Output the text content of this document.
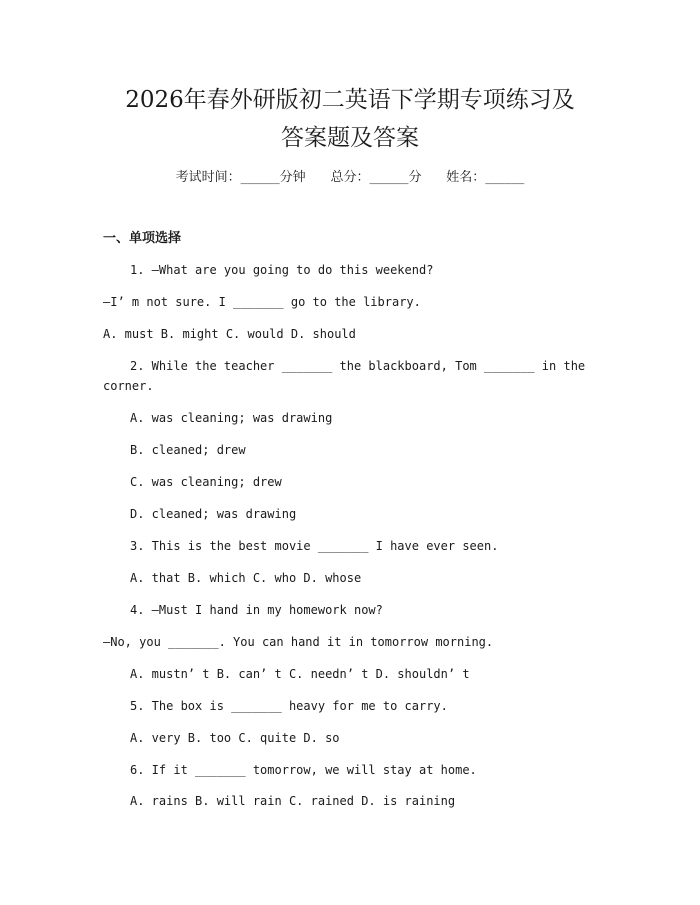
2026年春外研版初二英语下学期专项练习及
答案题及答案
考试时间：______分钟 总分：______分 姓名：______
一、单项选择
1. —What are you going to do this weekend?
—I’ m not sure. I _______ go to the library.
A. must B. might C. would D. should
2. While the teacher _______ the blackboard, Tom _______ in the
corner.
A. was cleaning; was drawing
B. cleaned; drew
C. was cleaning; drew
D. cleaned; was drawing
3. This is the best movie _______ I have ever seen.
A. that B. which C. who D. whose
4. —Must I hand in my homework now?
—No, you _______. You can hand it in tomorrow morning.
A. mustn’ t B. can’ t C. needn’ t D. shouldn’ t
5. The box is _______ heavy for me to carry.
A. very B. too C. quite D. so
6. If it _______ tomorrow, we will stay at home.
A. rains B. will rain C. rained D. is raining
